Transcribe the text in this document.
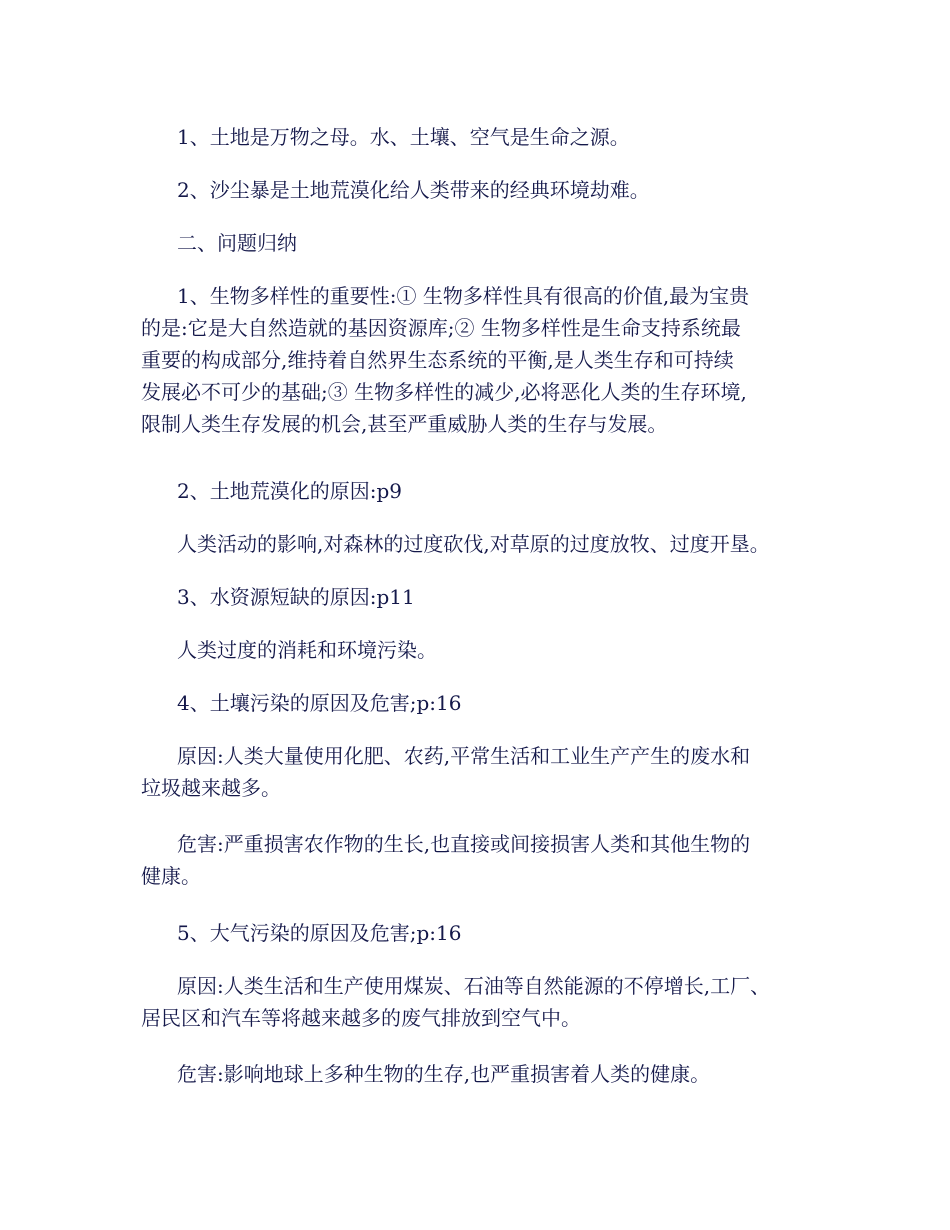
1、土地是万物之母。水、土壤、空气是生命之源。

2、沙尘暴是土地荒漠化给人类带来的经典环境劫难。

二、问题归纳

1、生物多样性的重要性:① 生物多样性具有很高的价值,最为宝贵
的是:它是大自然造就的基因资源库;② 生物多样性是生命支持系统最
重要的构成部分,维持着自然界生态系统的平衡,是人类生存和可持续
发展必不可少的基础;③ 生物多样性的减少,必将恶化人类的生存环境,
限制人类生存发展的机会,甚至严重威胁人类的生存与发展。

2、土地荒漠化的原因:p9

人类活动的影响,对森林的过度砍伐,对草原的过度放牧、过度开垦。

3、水资源短缺的原因:p11

人类过度的消耗和环境污染。

4、土壤污染的原因及危害;p:16

原因:人类大量使用化肥、农药,平常生活和工业生产产生的废水和
垃圾越来越多。

危害:严重损害农作物的生长,也直接或间接损害人类和其他生物的
健康。

5、大气污染的原因及危害;p:16

原因:人类生活和生产使用煤炭、石油等自然能源的不停增长,工厂、
居民区和汽车等将越来越多的废气排放到空气中。

危害:影响地球上多种生物的生存,也严重损害着人类的健康。
